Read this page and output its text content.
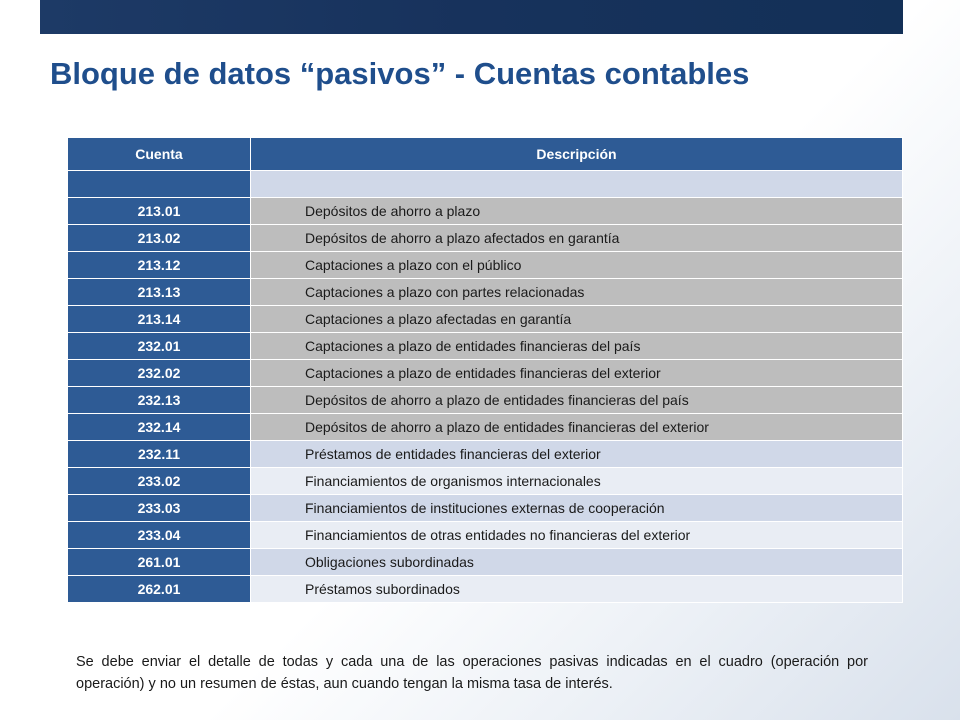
Bloque de datos “pasivos” - Cuentas contables
Cuenta	Descripción

213.01	Depósitos de ahorro a plazo
213.02	Depósitos de ahorro a plazo afectados en garantía
213.12	Captaciones a plazo con el público
213.13	Captaciones a plazo con partes relacionadas
213.14	Captaciones a plazo afectadas en garantía
232.01	Captaciones a plazo de entidades financieras del país
232.02	Captaciones a plazo de entidades financieras del exterior
232.13	Depósitos de ahorro a plazo de entidades financieras del país
232.14	Depósitos de ahorro a plazo de entidades financieras del exterior
232.11	Préstamos de entidades financieras del exterior
233.02	Financiamientos de organismos internacionales
233.03	Financiamientos de instituciones externas de cooperación
233.04	Financiamientos de otras entidades no financieras del exterior
261.01	Obligaciones subordinadas
262.01	Préstamos subordinados

Se debe enviar el detalle de todas y cada una de las operaciones pasivas indicadas en el cuadro (operación por operación) y no un resumen de éstas, aun cuando tengan la misma tasa de interés.
